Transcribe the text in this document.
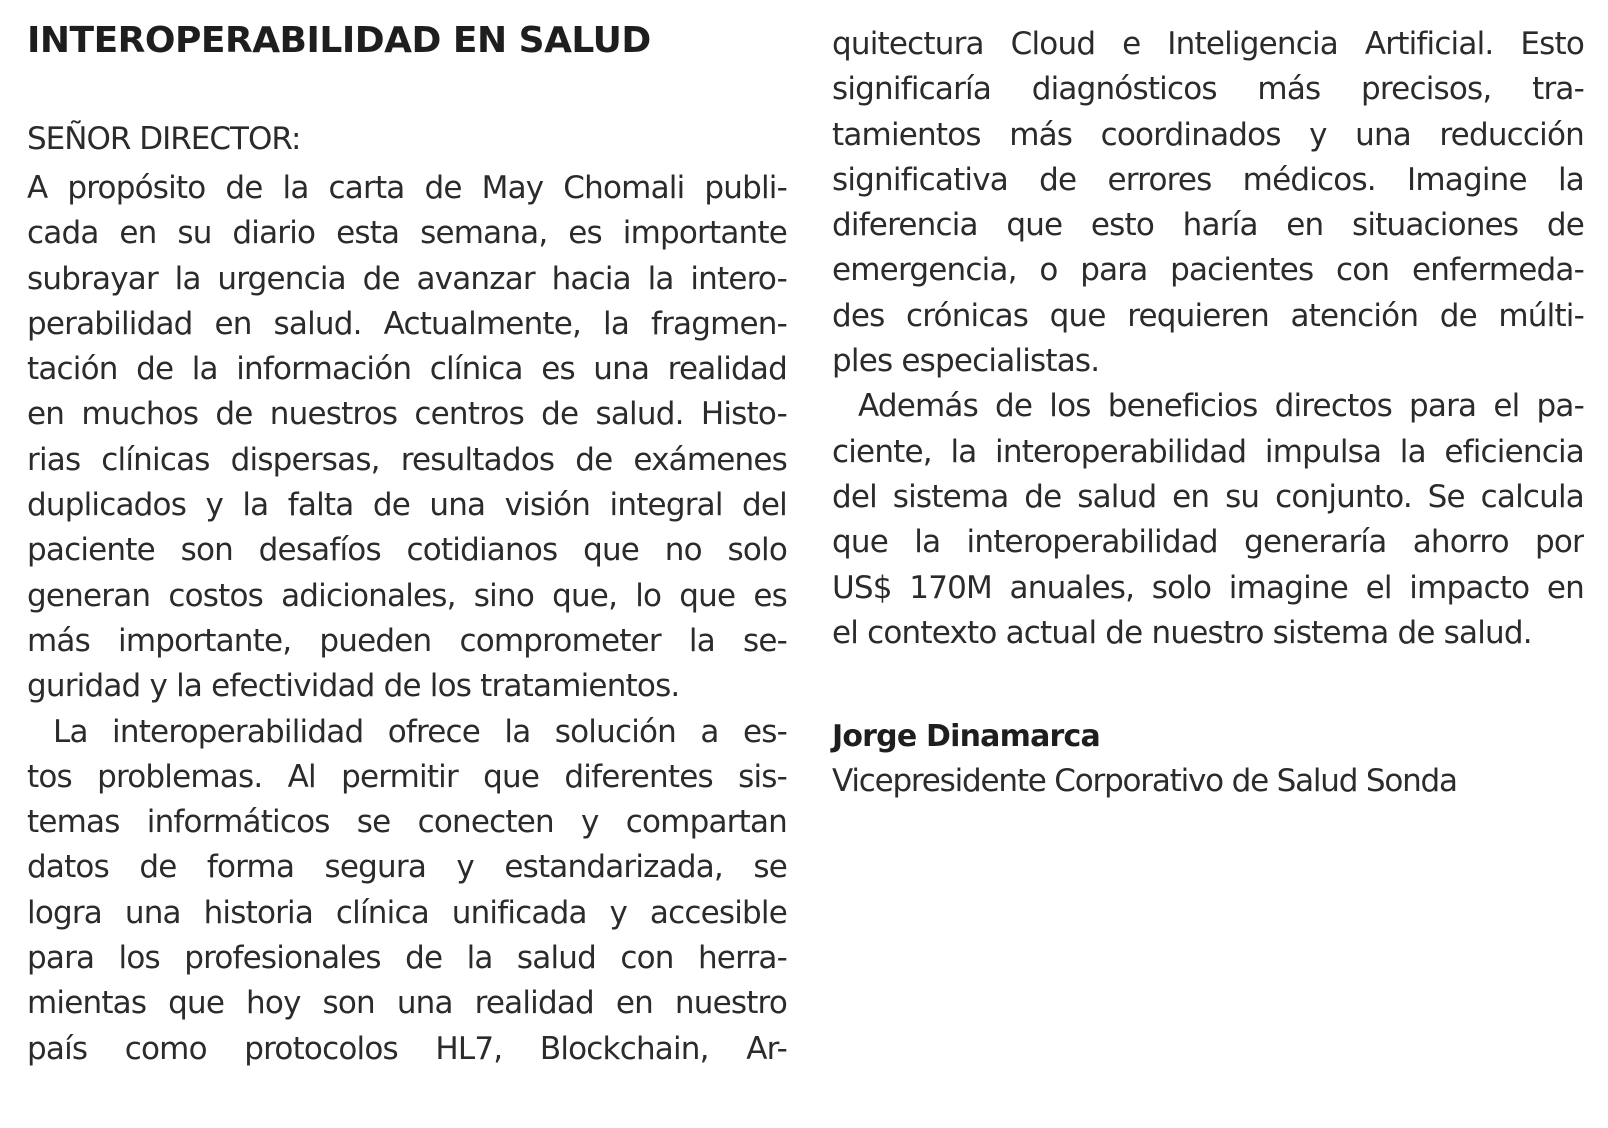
INTEROPERABILIDAD EN SALUD
SEÑOR DIRECTOR:
A propósito de la carta de May Chomali publi-
cada en su diario esta semana, es importante
subrayar la urgencia de avanzar hacia la intero-
perabilidad en salud. Actualmente, la fragmen-
tación de la información clínica es una realidad
en muchos de nuestros centros de salud. Histo-
rias clínicas dispersas, resultados de exámenes
duplicados y la falta de una visión integral del
paciente son desafíos cotidianos que no solo
generan costos adicionales, sino que, lo que es
más importante, pueden comprometer la se-
guridad y la efectividad de los tratamientos.
La interoperabilidad ofrece la solución a es-
tos problemas. Al permitir que diferentes sis-
temas informáticos se conecten y compartan
datos de forma segura y estandarizada, se
logra una historia clínica unificada y accesible
para los profesionales de la salud con herra-
mientas que hoy son una realidad en nuestro
país como protocolos HL7, Blockchain, Ar-
quitectura Cloud e Inteligencia Artificial. Esto
significaría diagnósticos más precisos, tra-
tamientos más coordinados y una reducción
significativa de errores médicos. Imagine la
diferencia que esto haría en situaciones de
emergencia, o para pacientes con enfermeda-
des crónicas que requieren atención de múlti-
ples especialistas.
Además de los beneficios directos para el pa-
ciente, la interoperabilidad impulsa la eficiencia
del sistema de salud en su conjunto. Se calcula
que la interoperabilidad generaría ahorro por
US$ 170M anuales, solo imagine el impacto en
el contexto actual de nuestro sistema de salud.
Jorge Dinamarca
Vicepresidente Corporativo de Salud Sonda
